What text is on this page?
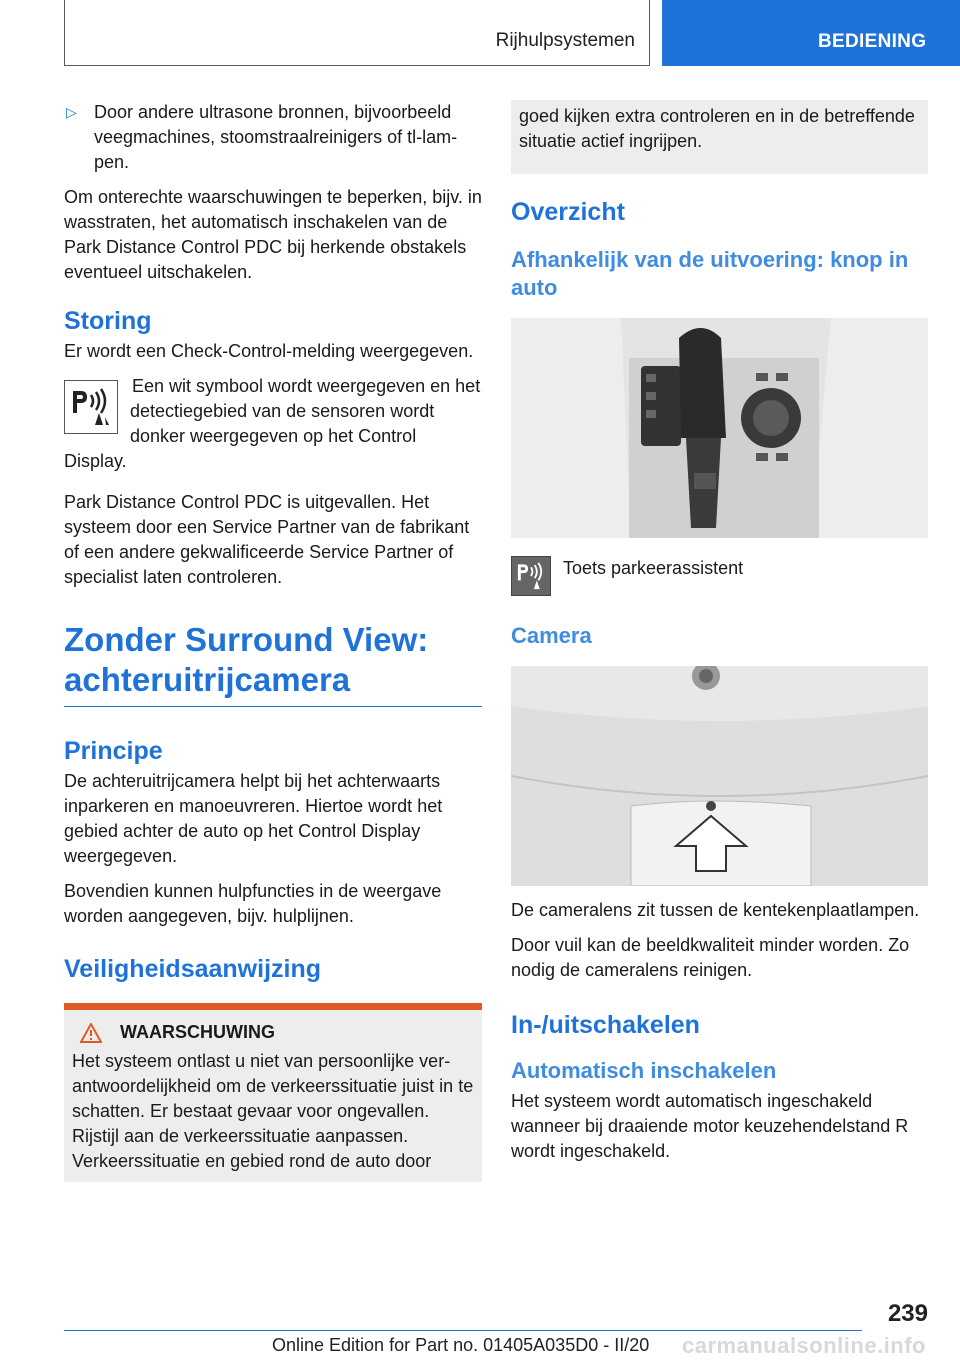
Rijhulpsystemen	BEDIENING
▷ Door andere ultrasone bronnen, bijvoorbeeld veegmachines, stoomstraalreinigers of tl-lampen.

Om onterechte waarschuwingen te beperken, bijv. in wasstraten, het automatisch inschakelen van de Park Distance Control PDC bij herkende obstakels eventueel uitschakelen.

Storing

Er wordt een Check-Control-melding weergegeven.

Een wit symbool wordt weergegeven en het detectiegebied van de sensoren wordt donker weergegeven op het Control Display.

Park Distance Control PDC is uitgevallen. Het systeem door een Service Partner van de fabrikant of een andere gekwalificeerde Service Partner of specialist laten controleren.

Zonder Surround View: achteruitrijcamera
Principe

De achteruitrijcamera helpt bij het achterwaarts inparkeren en manoeuvreren. Hiertoe wordt het gebied achter de auto op het Control Display weergegeven.

Bovendien kunnen hulpfuncties in de weergave worden aangegeven, bijv. hulplijnen.

Veiligheidsaanwijzing
WAARSCHUWING

Het systeem ontlast u niet van persoonlijke verantwoordelijkheid om de verkeerssituatie juist in te schatten. Er bestaat gevaar voor ongevallen. Rijstijl aan de verkeerssituatie aanpassen. Verkeerssituatie en gebied rond de auto door

goed kijken extra controleren en in de betreffende situatie actief ingrijpen.

Overzicht
Afhankelijk van de uitvoering: knop in auto
Toets parkeerassistent
Camera

De cameralens zit tussen de kentekenplaatlampen.

Door vuil kan de beeldkwaliteit minder worden. Zo nodig de cameralens reinigen.

In-/uitschakelen
Automatisch inschakelen

Het systeem wordt automatisch ingeschakeld wanneer bij draaiende motor keuzehendelstand R wordt ingeschakeld.

239
Online Edition for Part no. 01405A035D0 - II/20 carmanualsonline.info
